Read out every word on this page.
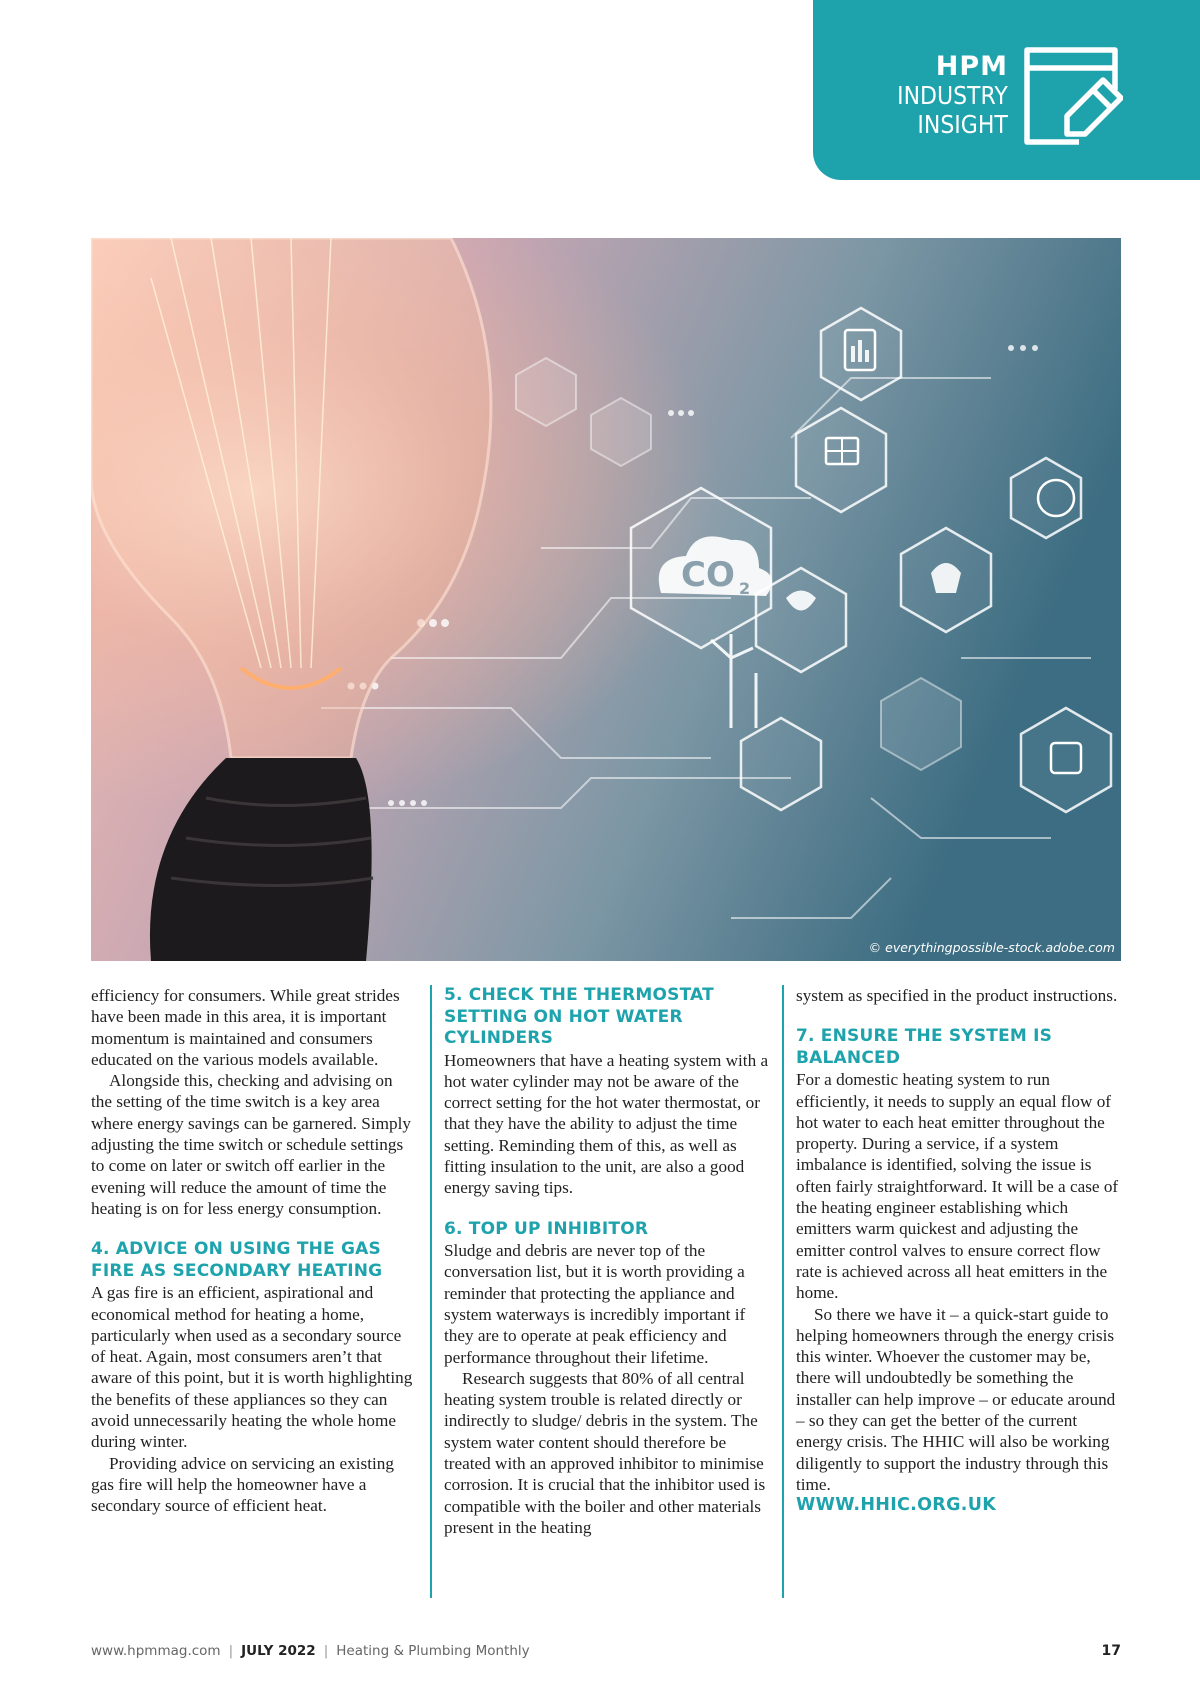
HPM
INDUSTRY
INSIGHT
CO 2
© everythingpossible-stock.adobe.com

efficiency for consumers. While great strides have been made in this area, it is important momentum is maintained and consumers educated on the various models available.

Alongside this, checking and advising on the setting of the time switch is a key area where energy savings can be garnered. Simply adjusting the time switch or schedule settings to come on later or switch off earlier in the evening will reduce the amount of time the heating is on for less energy consumption.

4. ADVICE ON USING THE GAS FIRE AS SECONDARY HEATING

A gas fire is an efficient, aspirational and economical method for heating a home, particularly when used as a secondary source of heat. Again, most consumers aren’t that aware of this point, but it is worth highlighting the benefits of these appliances so they can avoid unnecessarily heating the whole home during winter.

Providing advice on servicing an existing gas fire will help the homeowner have a secondary source of efficient heat.

5. CHECK THE THERMOSTAT SETTING ON HOT WATER CYLINDERS

Homeowners that have a heating system with a hot water cylinder may not be aware of the correct setting for the hot water thermostat, or that they have the ability to adjust the time setting. Reminding them of this, as well as fitting insulation to the unit, are also a good energy saving tips.

6. TOP UP INHIBITOR

Sludge and debris are never top of the conversation list, but it is worth providing a reminder that protecting the appliance and system waterways is incredibly important if they are to operate at peak efficiency and performance throughout their lifetime.

Research suggests that 80% of all central heating system trouble is related directly or indirectly to sludge/ debris in the system. The system water content should therefore be treated with an approved inhibitor to minimise corrosion. It is crucial that the inhibitor used is compatible with the boiler and other materials present in the heating

system as specified in the product instructions.

7. ENSURE THE SYSTEM IS BALANCED

For a domestic heating system to run efficiently, it needs to supply an equal flow of hot water to each heat emitter throughout the property. During a service, if a system imbalance is identified, solving the issue is often fairly straightforward. It will be a case of the heating engineer establishing which emitters warm quickest and adjusting the emitter control valves to ensure correct flow rate is achieved across all heat emitters in the home.

So there we have it – a quick-start guide to helping homeowners through the energy crisis this winter. Whoever the customer may be, there will undoubtedly be something the installer can help improve – or educate around – so they can get the better of the current energy crisis. The HHIC will also be working diligently to support the industry through this time.

WWW.HHIC.ORG.UK

www.hpmmag.com | JULY 2022 | Heating & Plumbing Monthly	17
